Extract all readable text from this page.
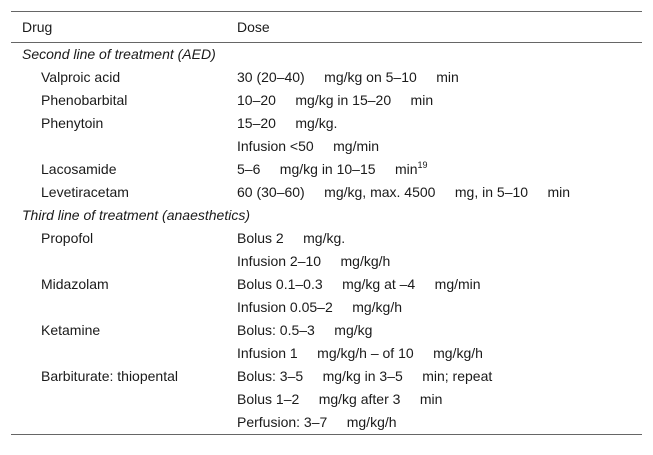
Drug	Dose
Second line of treatment (AED)
Valproic acid	30 (20–40)     mg/kg on 5–10     min
Phenobarbital	10–20     mg/kg in 15–20     min
Phenytoin	15–20     mg/kg.
Infusion <50     mg/min
Lacosamide	5–6     mg/kg in 10–15     $\min^{19}$
Levetiracetam	60 (30–60)     mg/kg, max. 4500     mg, in 5–10     min
Third line of treatment (anaesthetics)
Propofol	Bolus 2     mg/kg.
Infusion 2–10     mg/kg/h
Midazolam	Bolus 0.1–0.3     mg/kg at –4     mg/min
Infusion 0.05–2     mg/kg/h
Ketamine	Bolus: 0.5–3     mg/kg
Infusion 1     mg/kg/h – of 10     mg/kg/h
Barbiturate: thiopental	Bolus: 3–5     mg/kg in 3–5     min; repeat
Bolus 1–2     mg/kg after 3     min
Perfusion: 3–7     mg/kg/h
